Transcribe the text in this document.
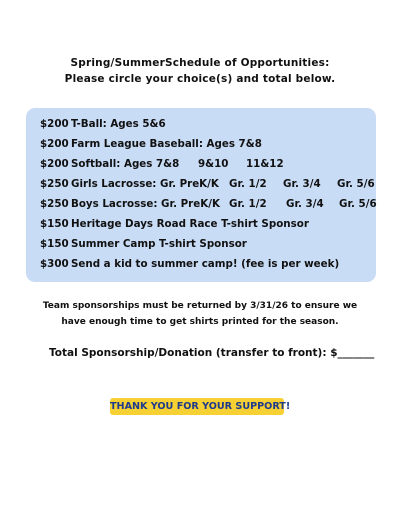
Spring/SummerSchedule of Opportunities:
Please circle your choice(s) and total below.
$200 T-Ball: Ages 5&6
$200 Farm League Baseball: Ages 7&8
$200 Softball: Ages 7&8 9&10 11&12
$250 Girls Lacrosse: Gr. PreK/K Gr. 1/2 Gr. 3/4 Gr. 5/6
$250 Boys Lacrosse: Gr. PreK/K Gr. 1/2 Gr. 3/4 Gr. 5/6
$150 Heritage Days Road Race T-shirt Sponsor
$150 Summer Camp T-shirt Sponsor
$300 Send a kid to summer camp! (fee is per week)
Team sponsorships must be returned by 3/31/26 to ensure we
have enough time to get shirts printed for the season.
Total Sponsorship/Donation (transfer to front): $_______
THANK YOU FOR YOUR SUPPORT!
